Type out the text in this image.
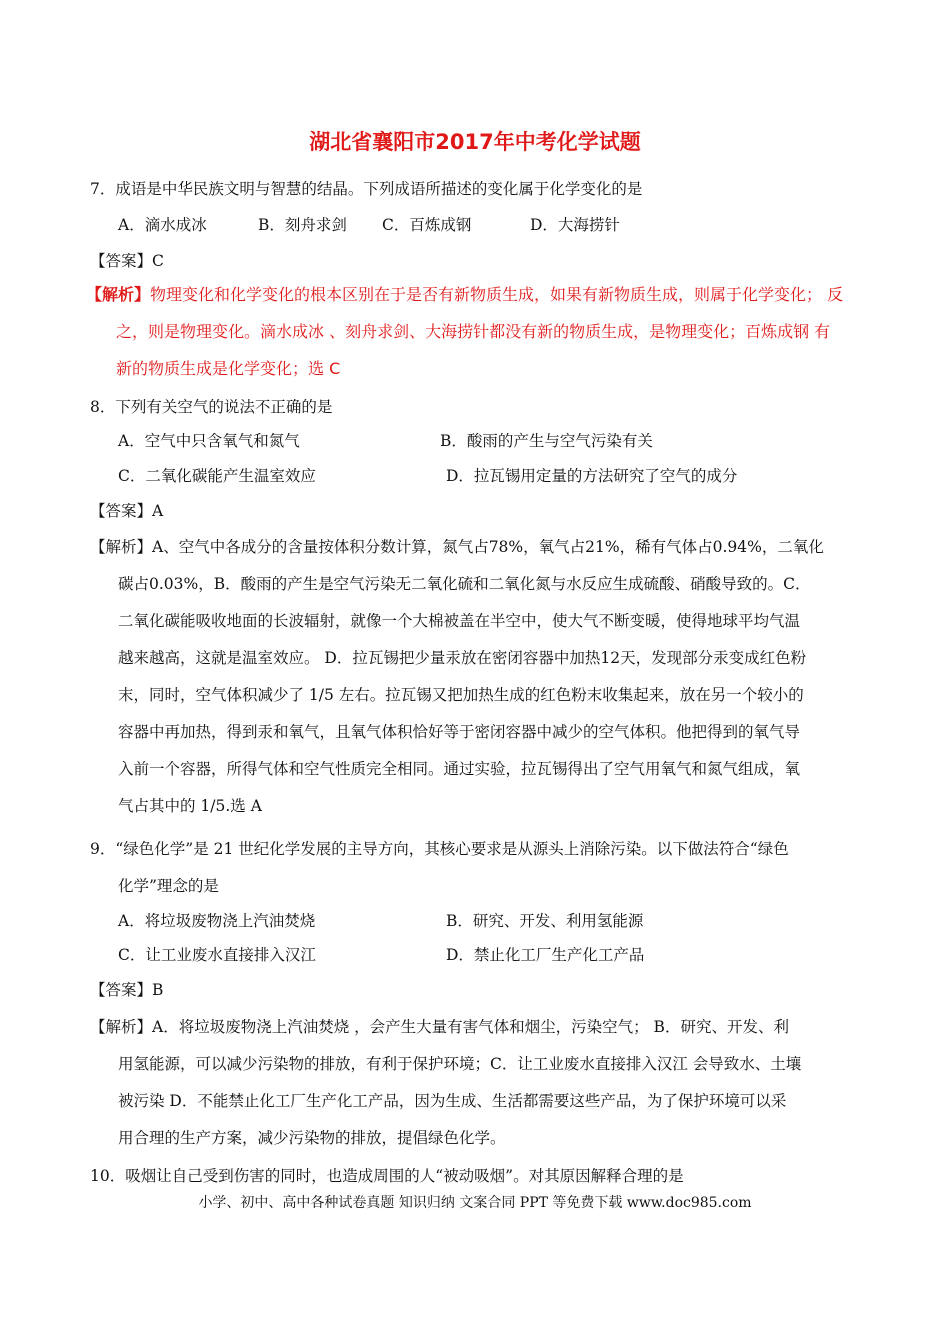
湖北省襄阳市2017年中考化学试题
7．成语是中华民族文明与智慧的结晶。下列成语所描述的变化属于化学变化的是
A．滴水成冰	B．刻舟求剑 C．百炼成钢	D．大海捞针
【答案】C
【解析】物理变化和化学变化的根本区别在于是否有新物质生成，如果有新物质生成，则属于化学变化； 反
之，则是物理变化。滴水成冰 、刻舟求剑、大海捞针都没有新的物质生成，是物理变化；百炼成钢 有
新的物质生成是化学变化；选 C
8．下列有关空气的说法不正确的是
A．空气中只含氧气和氮气	B．酸雨的产生与空气污染有关
C．二氧化碳能产生温室效应	D．拉瓦锡用定量的方法研究了空气的成分
【答案】A
【解析】A、空气中各成分的含量按体积分数计算，氮气占78%，氧气占21%，稀有气体占0.94%，二氧化
碳占0.03%，B．酸雨的产生是空气污染无二氧化硫和二氧化氮与水反应生成硫酸、硝酸导致的。C．
二氧化碳能吸收地面的长波辐射，就像一个大棉被盖在半空中，使大气不断变暖，使得地球平均气温
越来越高，这就是温室效应。 D．拉瓦锡把少量汞放在密闭容器中加热12天，发现部分汞变成红色粉
末，同时，空气体积减少了 1/5 左右。拉瓦锡又把加热生成的红色粉末收集起来，放在另一个较小的
容器中再加热，得到汞和氧气，且氧气体积恰好等于密闭容器中减少的空气体积。他把得到的氧气导
入前一个容器，所得气体和空气性质完全相同。通过实验，拉瓦锡得出了空气用氧气和氮气组成，氧
气占其中的 1/5.选 A
9．“绿色化学”是 21 世纪化学发展的主导方向，其核心要求是从源头上消除污染。以下做法符合“绿色
化学”理念的是
A．将垃圾废物浇上汽油焚烧	B．研究、开发、利用氢能源
C．让工业废水直接排入汉江	D．禁止化工厂生产化工产品
【答案】B
【解析】A．将垃圾废物浇上汽油焚烧 ，会产生大量有害气体和烟尘，污染空气； B．研究、开发、利
用氢能源，可以减少污染物的排放，有利于保护环境；C．让工业废水直接排入汉江 会导致水、土壤
被污染 D．不能禁止化工厂生产化工产品，因为生成、生活都需要这些产品，为了保护环境可以采
用合理的生产方案，减少污染物的排放，提倡绿色化学。
10．吸烟让自己受到伤害的同时，也造成周围的人“被动吸烟”。对其原因解释合理的是
小学、初中、高中各种试卷真题 知识归纳 文案合同 PPT 等免费下载 www.doc985.com
